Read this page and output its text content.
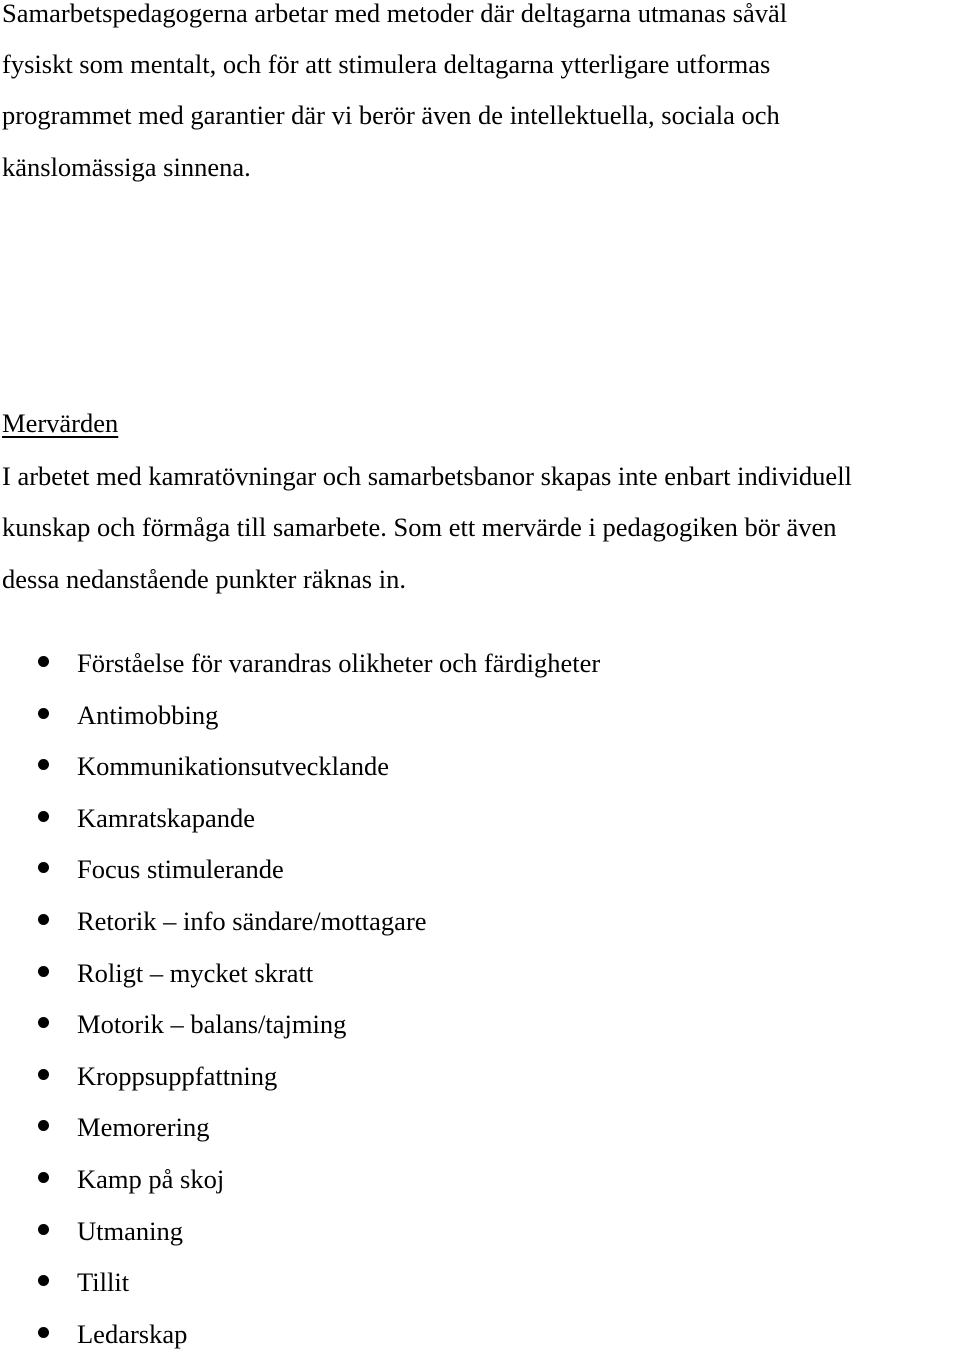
Samarbetspedagogerna arbetar med metoder där deltagarna utmanas såväl
fysiskt som mentalt, och för att stimulera deltagarna ytterligare utformas
programmet med garantier där vi berör även de intellektuella, sociala och
känslomässiga sinnena.
Mervärden
I arbetet med kamratövningar och samarbetsbanor skapas inte enbart individuell
kunskap och förmåga till samarbete. Som ett mervärde i pedagogiken bör även
dessa nedanstående punkter räknas in.
Förståelse för varandras olikheter och färdigheter
Antimobbing
Kommunikationsutvecklande
Kamratskapande
Focus stimulerande
Retorik – info sändare/mottagare
Roligt – mycket skratt
Motorik – balans/tajming
Kroppsuppfattning
Memorering
Kamp på skoj
Utmaning
Tillit
Ledarskap
